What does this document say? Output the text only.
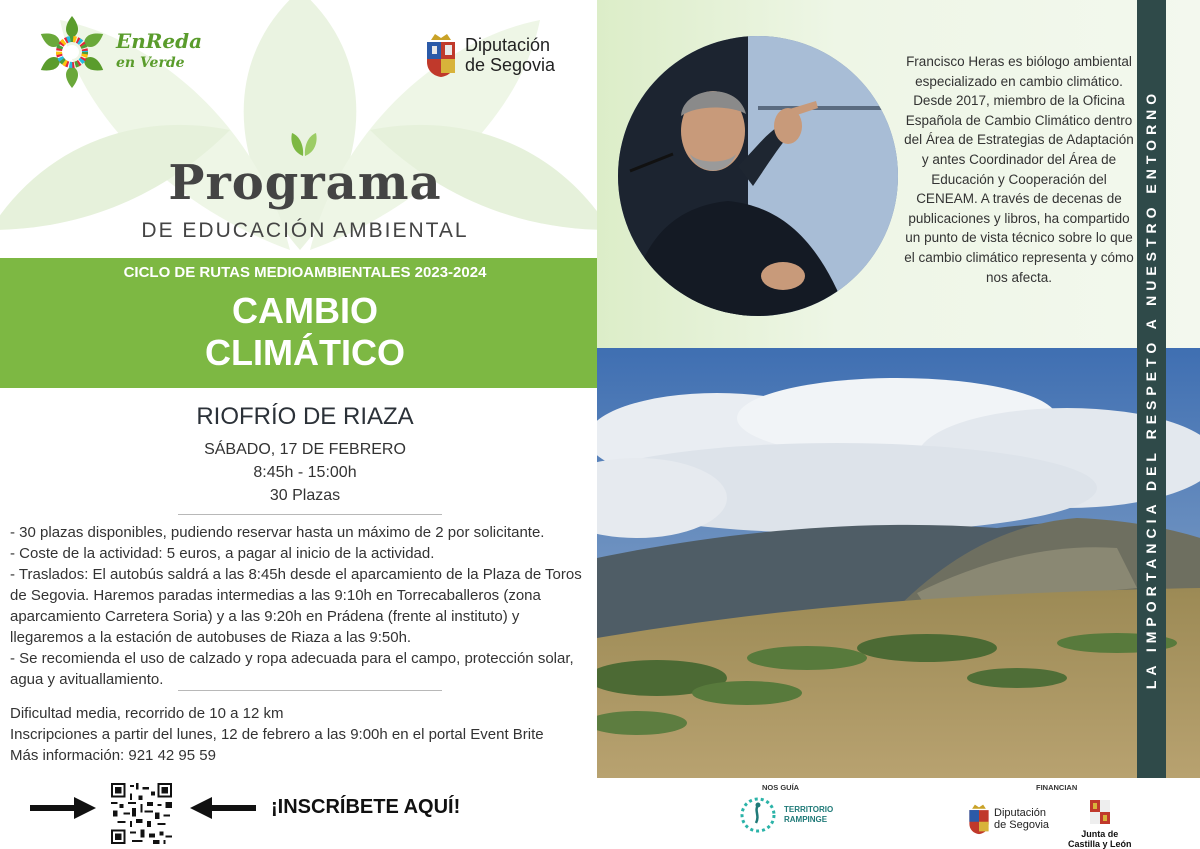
EnReda
en Verde
Diputación
de Segovia
Programa
DE EDUCACIÓN AMBIENTAL
CICLO DE RUTAS MEDIOAMBIENTALES 2023-2024
CAMBIO
CLIMÁTICO
RIOFRÍO DE RIAZA
SÁBADO, 17 DE FEBRERO
8:45h - 15:00h
30 Plazas
- 30 plazas disponibles, pudiendo reservar hasta un máximo de 2 por solicitante.
- Coste de la actividad: 5 euros, a pagar al inicio de la actividad.
- Traslados: El autobús saldrá a las 8:45h desde el aparcamiento de la Plaza de Toros de Segovia. Haremos paradas intermedias a las 9:10h en Torrecaballeros (zona aparcamiento Carretera Soria) y a las 9:20h en Prádena (frente al instituto) y llegaremos a la estación de autobuses de Riaza a las 9:50h.
- Se recomienda el uso de calzado y ropa adecuada para el campo, protección solar, agua y avituallamiento.
Dificultad media, recorrido de 10 a 12 km
Inscripciones a partir del lunes, 12 de febrero a las 9:00h en el portal Event Brite
Más información: 921 42 95 59
¡INSCRÍBETE AQUÍ!
Francisco Heras es biólogo ambiental especializado en cambio climático. Desde 2017, miembro de la Oficina Española de Cambio Climático dentro del Área de Estrategias de Adaptación y antes Coordinador del Área de Educación y Cooperación del CENEAM. A través de decenas de publicaciones y libros, ha compartido un punto de vista técnico sobre lo que el cambio climático representa y cómo nos afecta.	LA IMPORTANCIA DEL RESPETO A NUESTRO ENTORNO
NOS GUÍA
TERRITORIO
RAMPINGE
FINANCIAN
Diputación
de Segovia
Junta de
Castilla y León
